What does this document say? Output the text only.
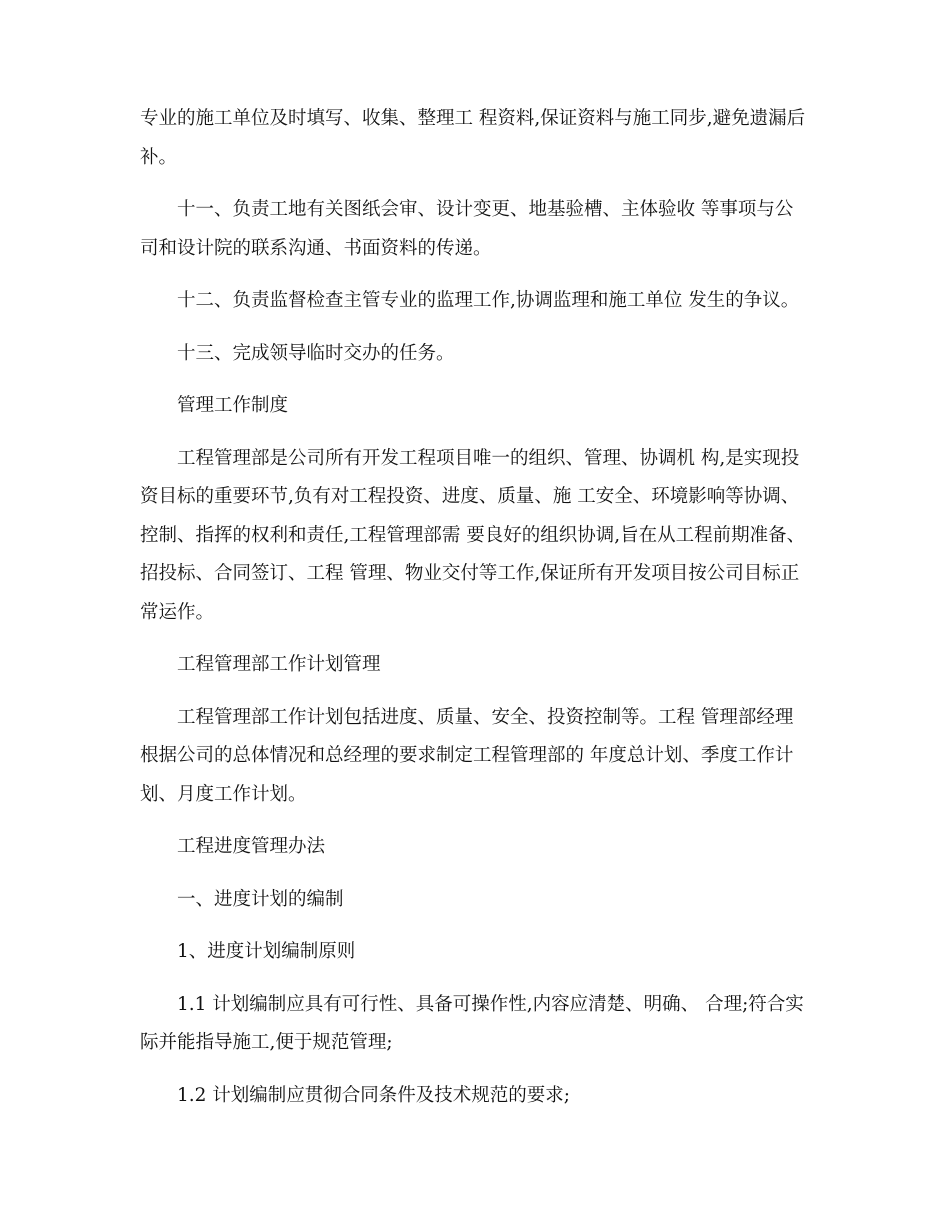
专业的施工单位及时填写、收集、整理工 程资料,保证资料与施工同步,避免遗漏后补。

十一、负责工地有关图纸会审、设计变更、地基验槽、主体验收 等事项与公司和设计院的联系沟通、书面资料的传递。

十二、负责监督检查主管专业的监理工作,协调监理和施工单位 发生的争议。

十三、完成领导临时交办的任务。

管理工作制度

工程管理部是公司所有开发工程项目唯一的组织、管理、协调机 构,是实现投资目标的重要环节,负有对工程投资、进度、质量、施 工安全、环境影响等协调、控制、指挥的权利和责任,工程管理部需 要良好的组织协调,旨在从工程前期准备、招投标、合同签订、工程 管理、物业交付等工作,保证所有开发项目按公司目标正常运作。

工程管理部工作计划管理

工程管理部工作计划包括进度、质量、安全、投资控制等。工程 管理部经理根据公司的总体情况和总经理的要求制定工程管理部的 年度总计划、季度工作计划、月度工作计划。

工程进度管理办法

一、进度计划的编制

1、进度计划编制原则

1.1 计划编制应具有可行性、具备可操作性,内容应清楚、明确、 合理;符合实际并能指导施工,便于规范管理;

1.2 计划编制应贯彻合同条件及技术规范的要求;
